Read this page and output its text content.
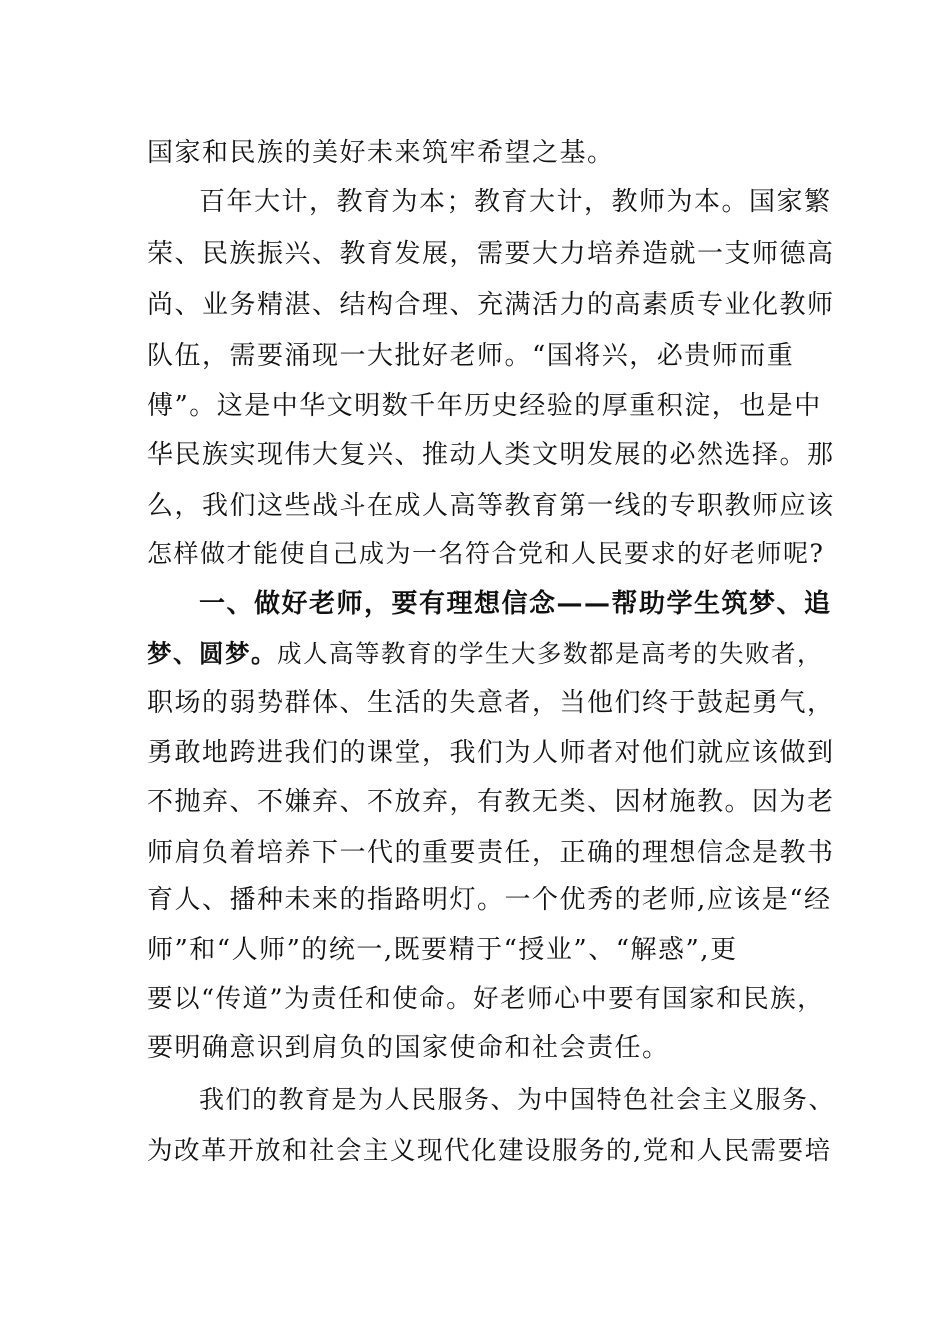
国家和民族的美好未来筑牢希望之基。
百年大计，教育为本；教育大计，教师为本。国家繁
荣、民族振兴、教育发展，需要大力培养造就一支师德高
尚、业务精湛、结构合理、充满活力的高素质专业化教师
队伍，需要涌现一大批好老师。“国将兴，必贵师而重
傅”。这是中华文明数千年历史经验的厚重积淀，也是中
华民族实现伟大复兴、推动人类文明发展的必然选择。那
么，我们这些战斗在成人高等教育第一线的专职教师应该
怎样做才能使自己成为一名符合党和人民要求的好老师呢?
一、做好老师，要有理想信念——帮助学生筑梦、追
梦、圆梦。成人高等教育的学生大多数都是高考的失败者，
职场的弱势群体、生活的失意者，当他们终于鼓起勇气，
勇敢地跨进我们的课堂，我们为人师者对他们就应该做到
不抛弃、不嫌弃、不放弃，有教无类、因材施教。因为老
师肩负着培养下一代的重要责任，正确的理想信念是教书
育人、播种未来的指路明灯。一个优秀的老师,应该是“经
师”和“人师”的统一,既要精于“授业”、“解惑”,更
要以“传道”为责任和使命。好老师心中要有国家和民族，
要明确意识到肩负的国家使命和社会责任。
我们的教育是为人民服务、为中国特色社会主义服务、
为改革开放和社会主义现代化建设服务的,党和人民需要培
